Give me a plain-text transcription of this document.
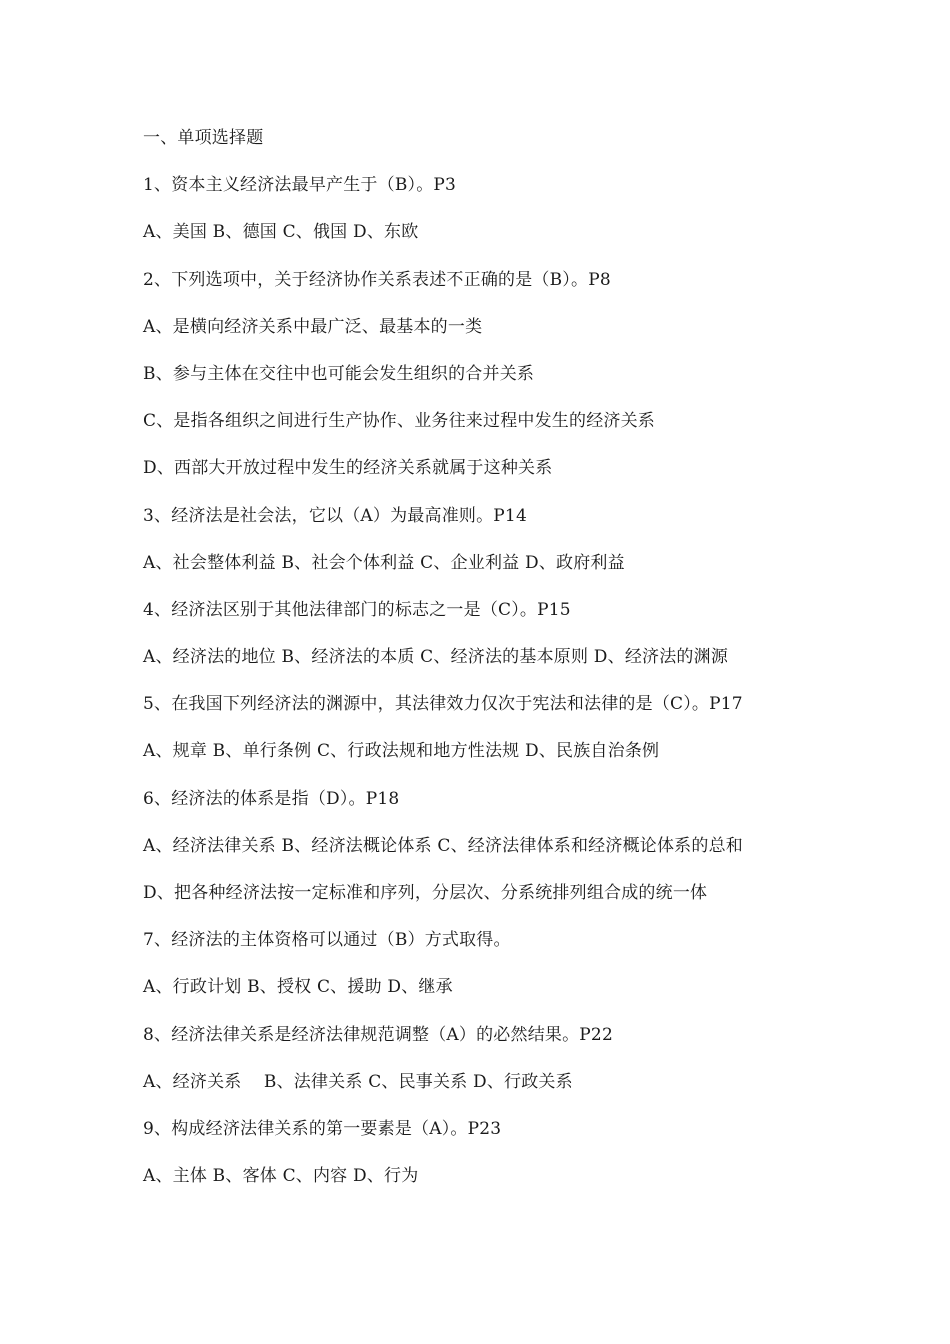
一、单项选择题
1、资本主义经济法最早产生于（B）。P3
A、美国 B、德国 C、俄国 D、东欧
2、下列选项中，关于经济协作关系表述不正确的是（B）。P8
A、是横向经济关系中最广泛、最基本的一类
B、参与主体在交往中也可能会发生组织的合并关系
C、是指各组织之间进行生产协作、业务往来过程中发生的经济关系
D、西部大开放过程中发生的经济关系就属于这种关系
3、经济法是社会法，它以（A）为最高准则。P14
A、社会整体利益 B、社会个体利益 C、企业利益 D、政府利益
4、经济法区别于其他法律部门的标志之一是（C）。P15
A、经济法的地位 B、经济法的本质 C、经济法的基本原则 D、经济法的渊源
5、在我国下列经济法的渊源中，其法律效力仅次于宪法和法律的是（C）。P17
A、规章 B、单行条例 C、行政法规和地方性法规 D、民族自治条例
6、经济法的体系是指（D）。P18
A、经济法律关系 B、经济法概论体系 C、经济法律体系和经济概论体系的总和
D、把各种经济法按一定标准和序列，分层次、分系统排列组合成的统一体
7、经济法的主体资格可以通过（B）方式取得。
A、行政计划 B、授权 C、援助 D、继承
8、经济法律关系是经济法律规范调整（A）的必然结果。P22
A、经济关系    B、法律关系 C、民事关系 D、行政关系
9、构成经济法律关系的第一要素是（A）。P23
A、主体 B、客体 C、内容 D、行为
